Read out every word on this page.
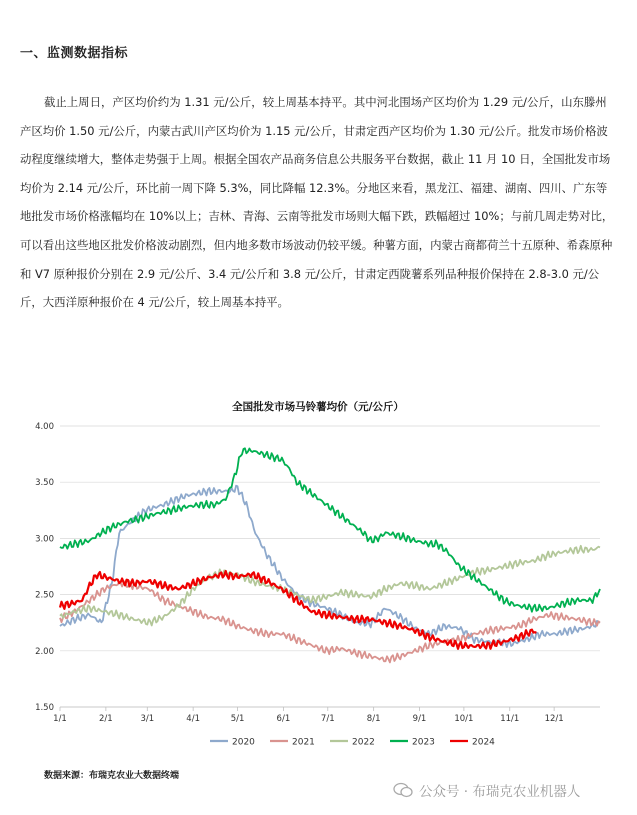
一、监测数据指标

截止上周日，产区均价约为 1.31 元/公斤，较上周基本持平。其中河北围场产区均价为 1.29 元/公斤，山东滕州产区均价 1.50 元/公斤，内蒙古武川产区均价为 1.15 元/公斤，甘肃定西产区均价为 1.30 元/公斤。批发市场价格波动程度继续增大，整体走势强于上周。根据全国农产品商务信息公共服务平台数据，截止 11 月 10 日，全国批发市场均价为 2.14 元/公斤，环比前一周下降 5.3%，同比降幅 12.3%。分地区来看，黑龙江、福建、湖南、四川、广东等地批发市场价格涨幅均在 10%以上；吉林、青海、云南等批发市场则大幅下跌，跌幅超过 10%；与前几周走势对比，可以看出这些地区批发价格波动剧烈，但内地多数市场波动仍较平缓。种薯方面，内蒙古商都荷兰十五原种、希森原种和 V7 原种报价分别在 2.9 元/公斤、3.4 元/公斤和 3.8 元/公斤，甘肃定西陇薯系列品种报价保持在 2.8-3.0 元/公斤，大西洋原种报价在 4 元/公斤，较上周基本持平。

全国批发市场马铃薯均价（元/公斤）
1.50
2.00
2.50
3.00
3.50
4.00
1/1	2/1	3/1	4/1	5/1	6/1	7/1	8/1	9/1	10/1	11/1	12/1
2020	2021	2022	2023	2024
数据来源：布瑞克农业大数据终端
公众号 · 布瑞克农业机器人
